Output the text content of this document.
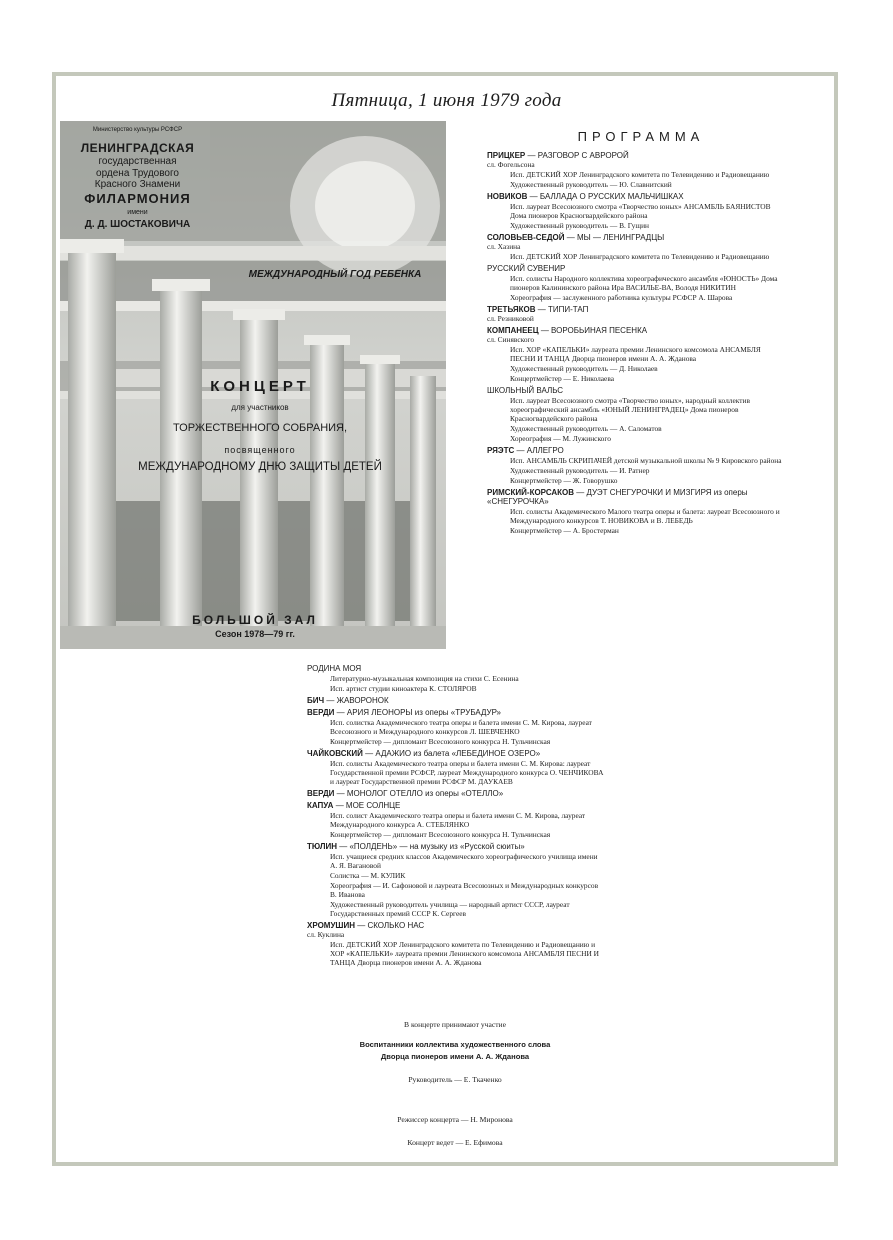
Пятница, 1 июня 1979 года
Министерство культуры РСФСР
ЛЕНИНГРАДСКАЯ
государственная
ордена Трудового
Красного Знамени
ФИЛАРМОНИЯ
имени
Д. Д. ШОСТАКОВИЧА
МЕЖДУНАРОДНЫЙ ГОД РЕБЕНКА
КОНЦЕРТ
для участников
ТОРЖЕСТВЕННОГО СОБРАНИЯ,
посвященного
МЕЖДУНАРОДНОМУ ДНЮ ЗАЩИТЫ ДЕТЕЙ
БОЛЬШОЙ ЗАЛ
Сезон 1978—79 гг.
ПРОГРАММА
ПРИЦКЕР — РАЗГОВОР С АВРОРОЙ
сл. Фогельсона
Исп. ДЕТСКИЙ ХОР Ленинградского комитета по Телевидению и Радиовещанию
Художественный руководитель — Ю. Славнитский
НОВИКОВ — БАЛЛАДА О РУССКИХ МАЛЬЧИШКАХ
Исп. лауреат Всесоюзного смотра «Творчество юных» АНСАМБЛЬ БАЯНИСТОВ Дома пионеров Красногвардейского района
Художественный руководитель — В. Гущин
СОЛОВЬЕВ-СЕДОЙ — МЫ — ЛЕНИНГРАДЦЫ
сл. Хазина
Исп. ДЕТСКИЙ ХОР Ленинградского комитета по Телевидению и Радиовещанию
РУССКИЙ СУВЕНИР
Исп. солисты Народного коллектива хореографического ансамбля «ЮНОСТЬ» Дома пионеров Калининского района Ира ВАСИЛЬЕ-ВА, Володя НИКИТИН
Хореография — заслуженного работника культуры РСФСР А. Шарова
ТРЕТЬЯКОВ — ТИПИ-ТАП
сл. Резниковой
КОМПАНЕЕЦ — ВОРОБЬИНАЯ ПЕСЕНКА
сл. Синявского
Исп. ХОР «КАПЕЛЬКИ» лауреата премии Ленинского комсомола АНСАМБЛЯ ПЕСНИ И ТАНЦА Дворца пионеров имени А. А. Жданова
Художественный руководитель — Д. Николаев
Концертмейстер — Е. Николаева
ШКОЛЬНЫЙ ВАЛЬС
Исп. лауреат Всесоюзного смотра «Творчество юных», народный коллектив хореографический ансамбль «ЮНЫЙ ЛЕНИНГРАДЕЦ» Дома пионеров Красногвардейского района
Художественный руководитель — А. Саломатов
Хореография — М. Лужинского
РЯЭТС — АЛЛЕГРО
Исп. АНСАМБЛЬ СКРИПАЧЕЙ детской музыкальной школы № 9 Кировского района
Художественный руководитель — И. Ратнер
Концертмейстер — Ж. Говорушко
РИМСКИЙ-КОРСАКОВ — ДУЭТ СНЕГУРОЧКИ И МИЗГИРЯ из оперы «СНЕГУРОЧКА»
Исп. солисты Академического Малого театра оперы и балета: лауреат Всесоюзного и Международного конкурсов Т. НОВИКОВА и В. ЛЕБЕДЬ
Концертмейстер — А. Бростерман
РОДИНА МОЯ
Литературно-музыкальная композиция на стихи С. Есенина
Исп. артист студии киноактера К. СТОЛЯРОВ
БИЧ — ЖАВОРОНОК
ВЕРДИ — АРИЯ ЛЕОНОРЫ из оперы «ТРУБАДУР»
Исп. солистка Академического театра оперы и балета имени С. М. Кирова, лауреат Всесоюзного и Международного конкурсов Л. ШЕВЧЕНКО
Концертмейстер — дипломант Всесоюзного конкурса Н. Тульчинская
ЧАЙКОВСКИЙ — АДАЖИО из балета «ЛЕБЕДИНОЕ ОЗЕРО»
Исп. солисты Академического театра оперы и балета имени С. М. Кирова: лауреат Государственной премии РСФСР, лауреат Международного конкурса О. ЧЕНЧИКОВА и лауреат Государственной премии РСФСР М. ДАУКАЕВ
ВЕРДИ — МОНОЛОГ ОТЕЛЛО из оперы «ОТЕЛЛО»
КАПУА — МОЕ СОЛНЦЕ
Исп. солист Академического театра оперы и балета имени С. М. Кирова, лауреат Международного конкурса А. СТЕБЛЯНКО
Концертмейстер — дипломант Всесоюзного конкурса Н. Тульчинская
ТЮЛИН — «ПОЛДЕНЬ» — на музыку из «Русской сюиты»
Исп. учащиеся средних классов Академического хореографического училища имени А. Я. Вагановой
Солистка — М. КУЛИК
Хореография — И. Сафоновой и лауреата Всесоюзных и Международных конкурсов В. Иванова
Художественный руководитель училища — народный артист СССР, лауреат Государственных премий СССР К. Сергеев
ХРОМУШИН — СКОЛЬКО НАС
сл. Куклина
Исп. ДЕТСКИЙ ХОР Ленинградского комитета по Телевидению и Радиовещанию и ХОР «КАПЕЛЬКИ» лауреата премии Ленинского комсомола АНСАМБЛЯ ПЕСНИ И ТАНЦА Дворца пионеров имени А. А. Жданова
В концерте принимают участие
Воспитанники коллектива художественного слова
Дворца пионеров имени А. А. Жданова
Руководитель — Е. Ткаченко
Режиссер концерта — Н. Миронова
Концерт ведет — Е. Ефимова
